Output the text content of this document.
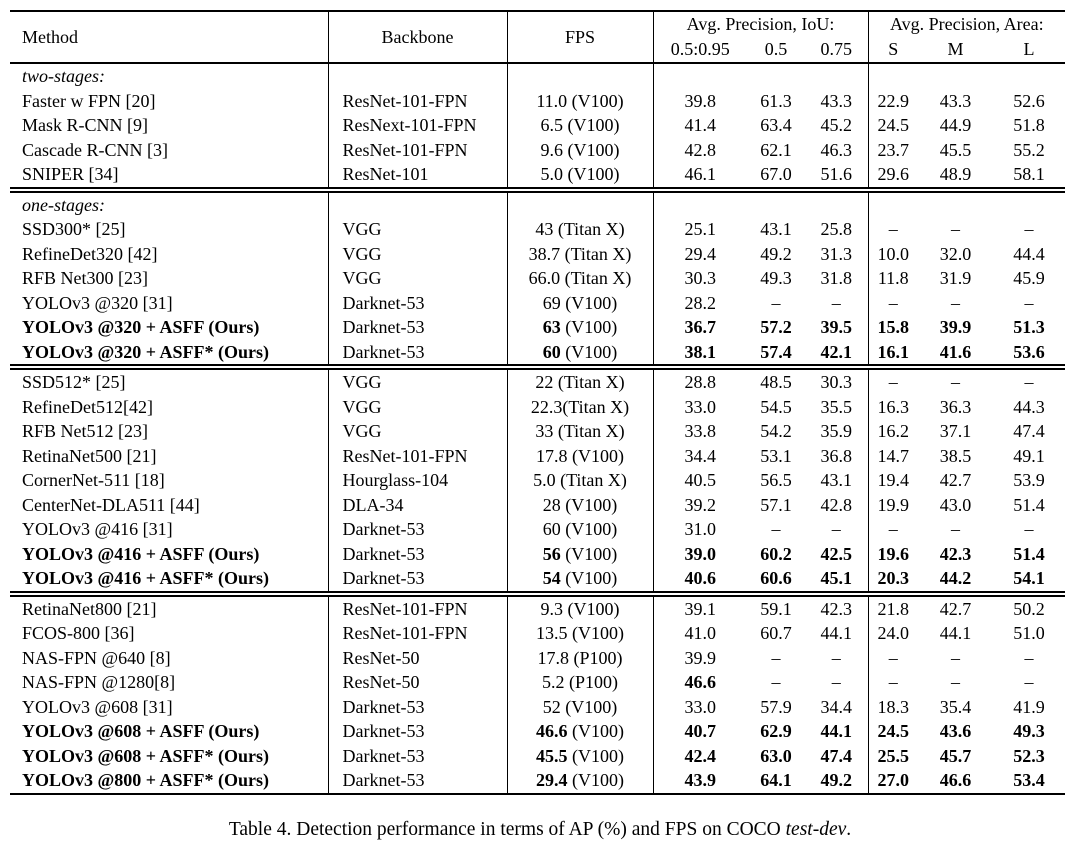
Method	Backbone	FPS	Avg. Precision, IoU:			Avg. Precision, Area:		
			0.5:0.95	0.5	0.75	S	M	L
two-stages:								
Faster w FPN [20]	ResNet-101-FPN	11.0 (V100)	39.8	61.3	43.3	22.9	43.3	52.6
Mask R-CNN [9]	ResNext-101-FPN	6.5 (V100)	41.4	63.4	45.2	24.5	44.9	51.8
Cascade R-CNN [3]	ResNet-101-FPN	9.6 (V100)	42.8	62.1	46.3	23.7	45.5	55.2
SNIPER [34]	ResNet-101	5.0 (V100)	46.1	67.0	51.6	29.6	48.9	58.1
one-stages:								
SSD300* [25]	VGG	43 (Titan X)	25.1	43.1	25.8	–	–	–
RefineDet320 [42]	VGG	38.7 (Titan X)	29.4	49.2	31.3	10.0	32.0	44.4
RFB Net300 [23]	VGG	66.0 (Titan X)	30.3	49.3	31.8	11.8	31.9	45.9
YOLOv3 @320 [31]	Darknet-53	69 (V100)	28.2	–	–	–	–	–
YOLOv3 @320 + ASFF (Ours)	Darknet-53	63 (V100)	36.7	57.2	39.5	15.8	39.9	51.3
YOLOv3 @320 + ASFF* (Ours)	Darknet-53	60 (V100)	38.1	57.4	42.1	16.1	41.6	53.6
SSD512* [25]	VGG	22 (Titan X)	28.8	48.5	30.3	–	–	–
RefineDet512[42]	VGG	22.3(Titan X)	33.0	54.5	35.5	16.3	36.3	44.3
RFB Net512 [23]	VGG	33 (Titan X)	33.8	54.2	35.9	16.2	37.1	47.4
RetinaNet500 [21]	ResNet-101-FPN	17.8 (V100)	34.4	53.1	36.8	14.7	38.5	49.1
CornerNet-511 [18]	Hourglass-104	5.0 (Titan X)	40.5	56.5	43.1	19.4	42.7	53.9
CenterNet-DLA511 [44]	DLA-34	28 (V100)	39.2	57.1	42.8	19.9	43.0	51.4
YOLOv3 @416 [31]	Darknet-53	60 (V100)	31.0	–	–	–	–	–
YOLOv3 @416 + ASFF (Ours)	Darknet-53	56 (V100)	39.0	60.2	42.5	19.6	42.3	51.4
YOLOv3 @416 + ASFF* (Ours)	Darknet-53	54 (V100)	40.6	60.6	45.1	20.3	44.2	54.1
RetinaNet800 [21]	ResNet-101-FPN	9.3 (V100)	39.1	59.1	42.3	21.8	42.7	50.2
FCOS-800 [36]	ResNet-101-FPN	13.5 (V100)	41.0	60.7	44.1	24.0	44.1	51.0
NAS-FPN @640 [8]	ResNet-50	17.8 (P100)	39.9	–	–	–	–	–
NAS-FPN @1280[8]	ResNet-50	5.2 (P100)	46.6	–	–	–	–	–
YOLOv3 @608 [31]	Darknet-53	52 (V100)	33.0	57.9	34.4	18.3	35.4	41.9
YOLOv3 @608 + ASFF (Ours)	Darknet-53	46.6 (V100)	40.7	62.9	44.1	24.5	43.6	49.3
YOLOv3 @608 + ASFF* (Ours)	Darknet-53	45.5 (V100)	42.4	63.0	47.4	25.5	45.7	52.3
YOLOv3 @800 + ASFF* (Ours)	Darknet-53	29.4 (V100)	43.9	64.1	49.2	27.0	46.6	53.4
Table 4. Detection performance in terms of AP (%) and FPS on COCO test-dev.
